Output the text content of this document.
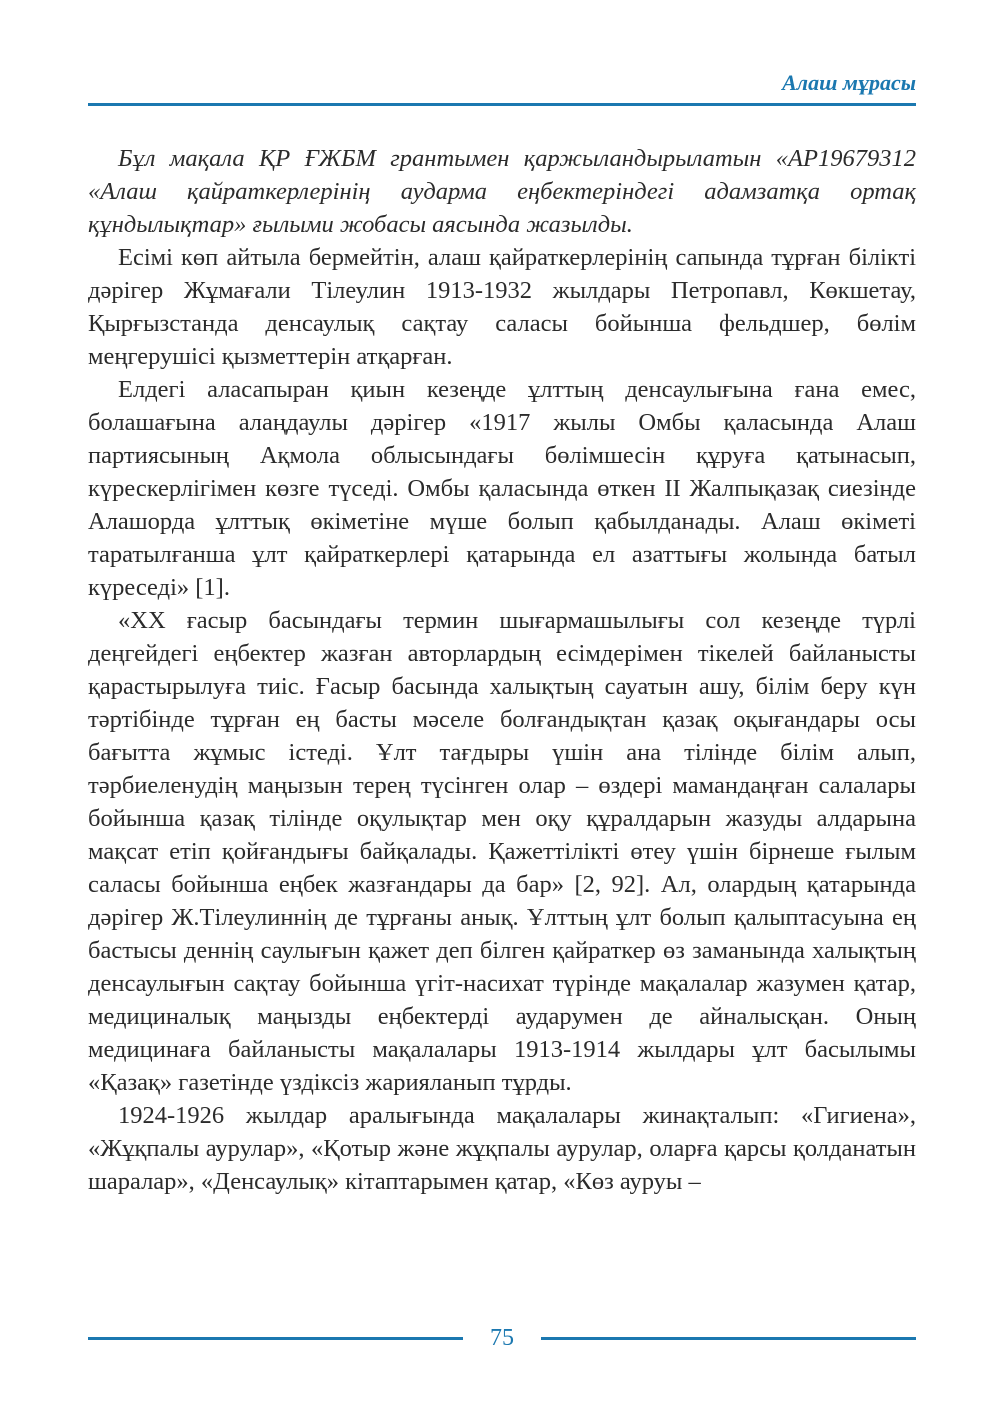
Алаш мұрасы

Бұл мақала ҚР ҒЖБМ грантымен қаржыландырылатын «AP19679312 «Алаш қайраткерлерінің аударма еңбектеріндегі адамзатқа ортақ құндылықтар» ғылыми жобасы аясында жазылды.

Есімі көп айтыла бермейтін, алаш қайраткерлерінің сапында тұрған білікті дәрігер Жұмағали Тілеулин 1913-1932 жылдары Петропавл, Көкшетау, Қырғызстанда денсаулық сақтау саласы бойынша фельдшер, бөлім меңгерушісі қызметтерін атқарған.

Елдегі аласапыран қиын кезеңде ұлттың денсаулығына ғана емес, болашағына алаңдаулы дәрігер «1917 жылы Омбы қаласында Алаш партиясының Ақмола облысындағы бөлімшесін құруға қатынасып, күрескерлігімен көзге түседі. Омбы қаласында өткен II Жалпықазақ сиезінде Алашорда ұлттық өкіметіне мүше болып қабылданады. Алаш өкіметі таратылғанша ұлт қайраткерлері қатарында ел азаттығы жолында батыл күреседі» [1].

«ХХ ғасыр басындағы термин шығармашылығы сол кезеңде түрлі деңгейдегі еңбектер жазған авторлардың есімдерімен тікелей байланысты қарастырылуға тиіс. Ғасыр басында халықтың сауатын ашу, білім беру күн тәртібінде тұрған ең басты мәселе болғандықтан қазақ оқығандары осы бағытта жұмыс істеді. Ұлт тағдыры үшін ана тілінде білім алып, тәрбиеленудің маңызын терең түсінген олар – өздері мамандаңған салалары бойынша қазақ тілінде оқулықтар мен оқу құралдарын жазуды алдарына мақсат етіп қойғандығы байқалады. Қажеттілікті өтеу үшін бірнеше ғылым саласы бойынша еңбек жазғандары да бар» [2, 92]. Ал, олардың қатарында дәрігер Ж.Тілеулиннің де тұрғаны анық. Ұлттың ұлт болып қалыптасуына ең бастысы деннің саулығын қажет деп білген қайраткер өз заманында халықтың денсаулығын сақтау бойынша үгіт-насихат түрінде мақалалар жазумен қатар, медициналық маңызды еңбектерді аударумен де айналысқан. Оның медицинаға байланысты мақалалары 1913-1914 жылдары ұлт басылымы «Қазақ» газетінде үздіксіз жарияланып тұрды.

1924-1926 жылдар аралығында мақалалары жинақталып: «Гигиена», «Жұқпалы аурулар», «Қотыр және жұқпалы аурулар, оларға қарсы қолданатын шаралар», «Денсаулық» кітаптарымен қатар, «Көз ауруы –

75
